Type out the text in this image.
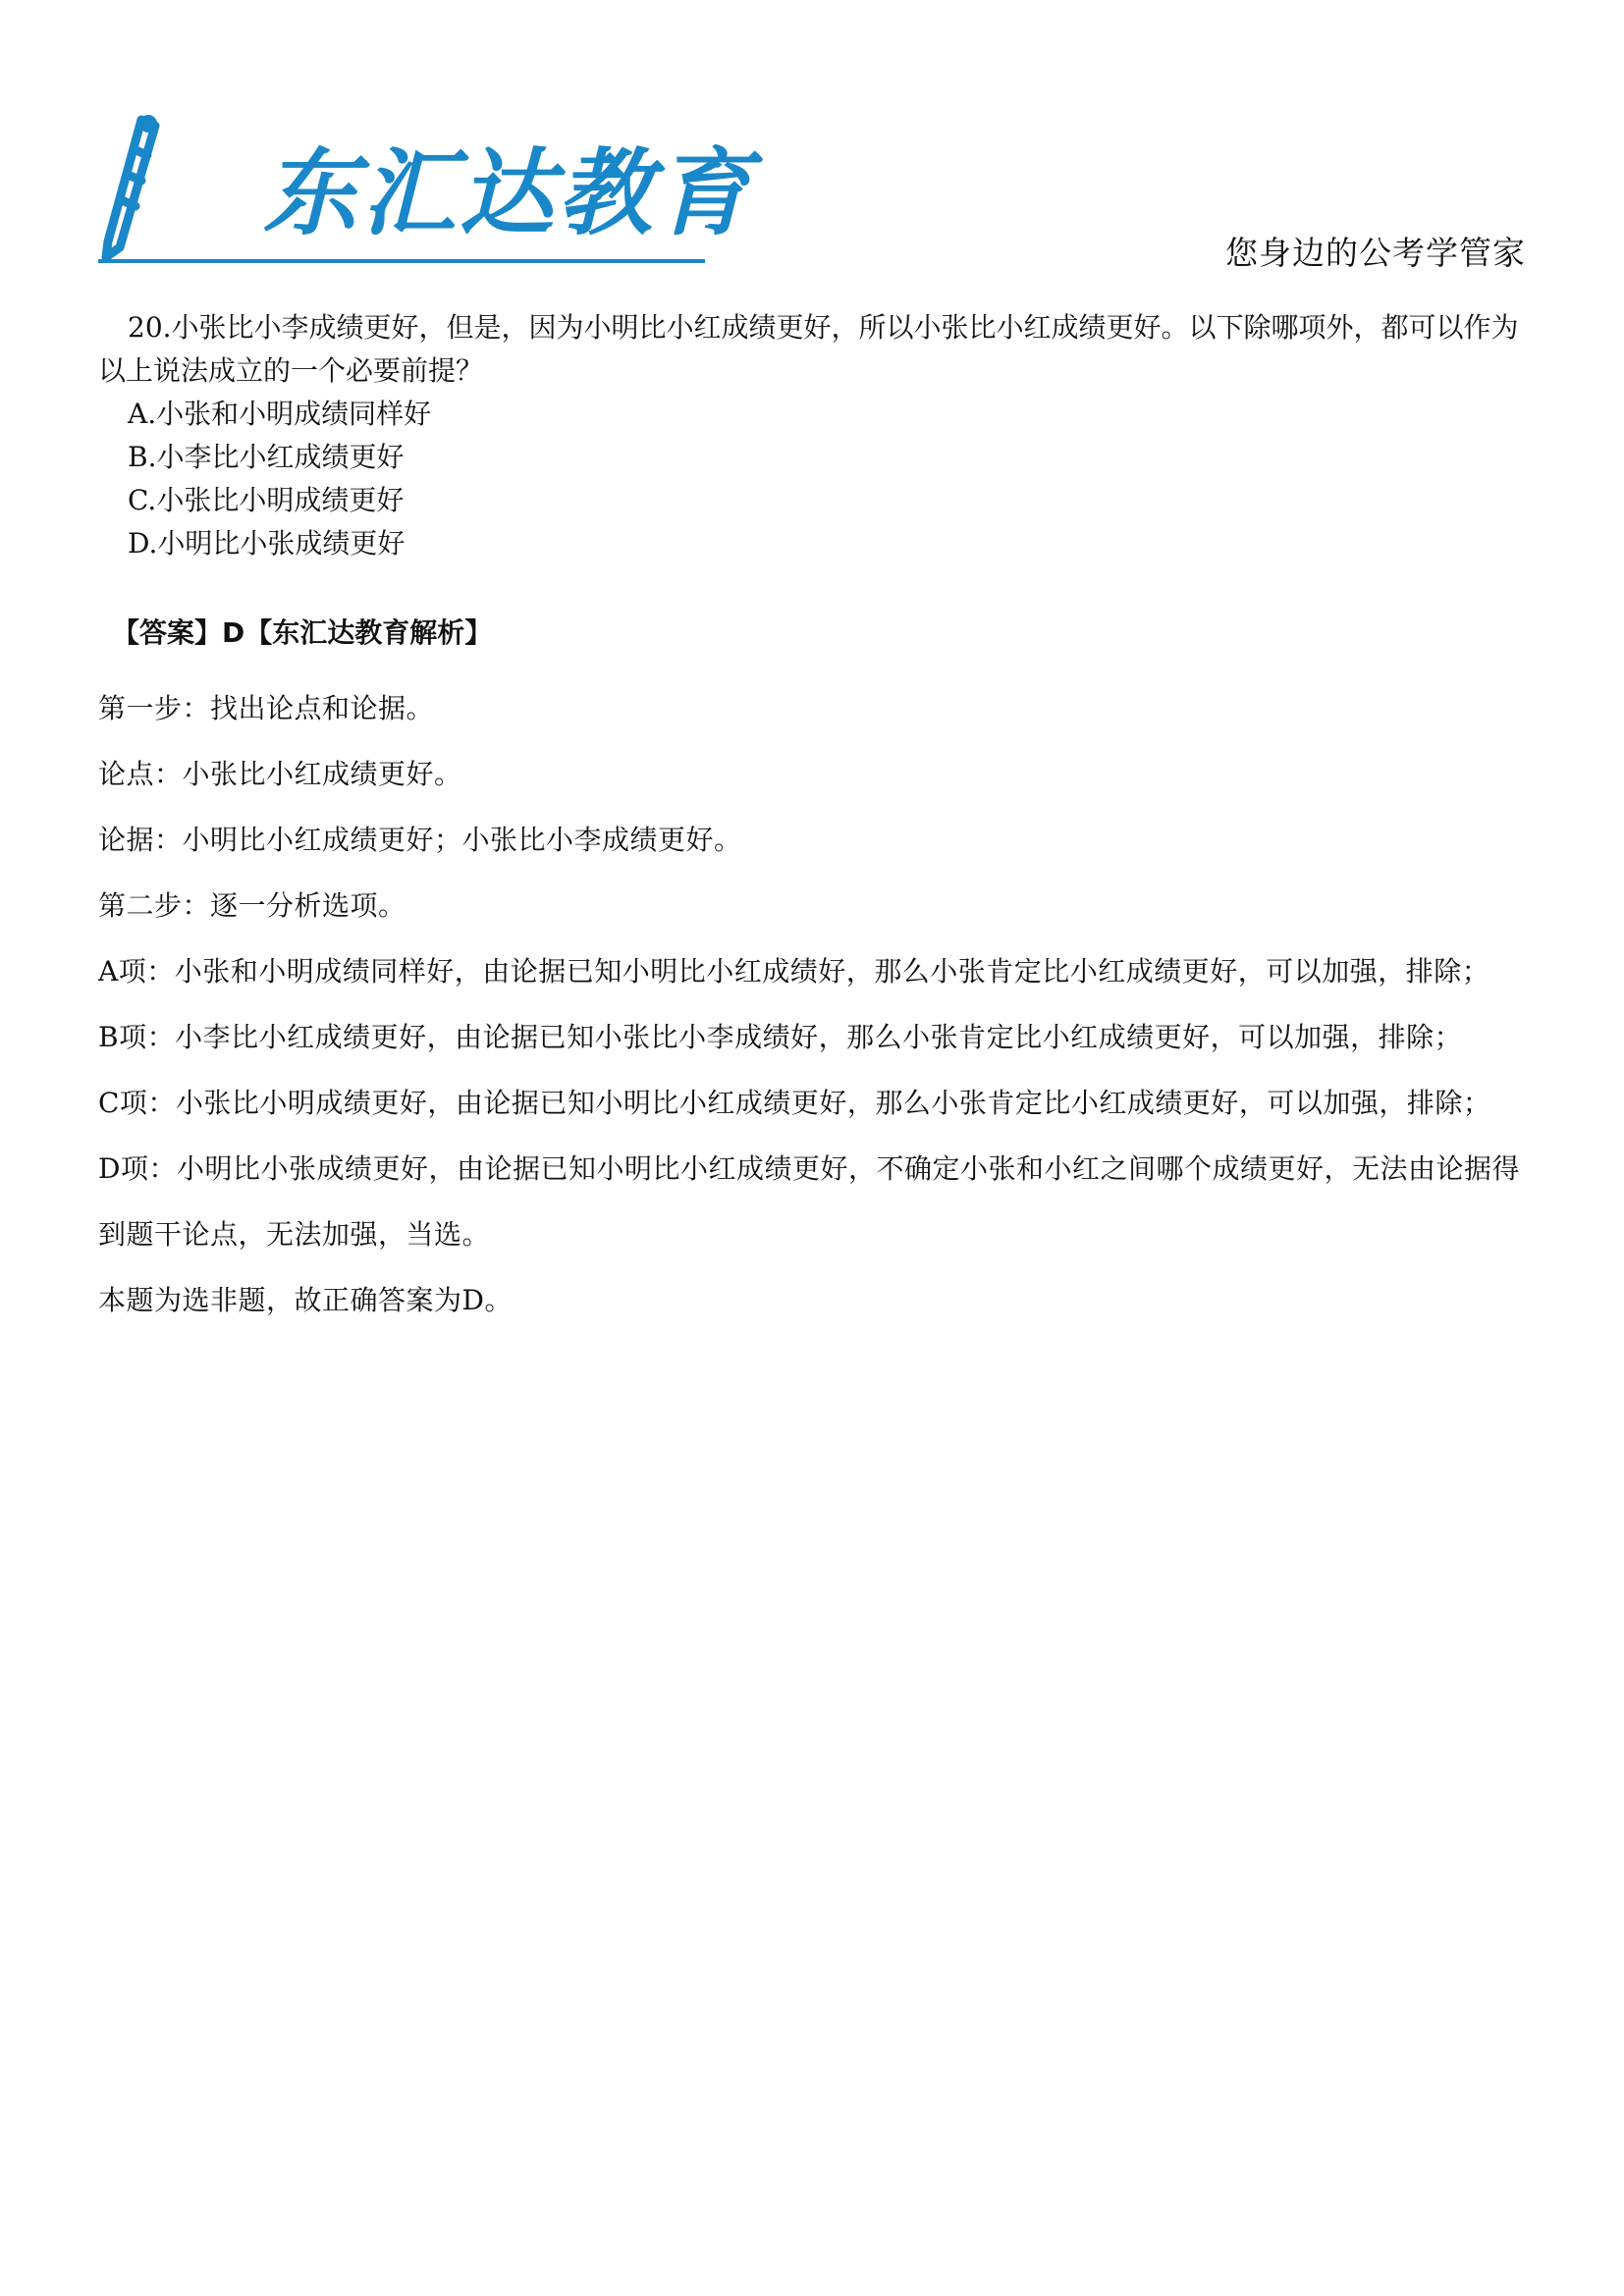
东汇达教育
您身边的公考学管家

20.小张比小李成绩更好，但是，因为小明比小红成绩更好，所以小张比小红成绩更好。以下除哪项外，都可以作为以上说法成立的一个必要前提？

A.小张和小明成绩同样好

B.小李比小红成绩更好

C.小张比小明成绩更好

D.小明比小张成绩更好

【答案】D【东汇达教育解析】

第一步：找出论点和论据。

论点：小张比小红成绩更好。

论据：小明比小红成绩更好；小张比小李成绩更好。

第二步：逐一分析选项。

A项：小张和小明成绩同样好，由论据已知小明比小红成绩好，那么小张肯定比小红成绩更好，可以加强，排除；

B项：小李比小红成绩更好，由论据已知小张比小李成绩好，那么小张肯定比小红成绩更好，可以加强，排除；

C项：小张比小明成绩更好，由论据已知小明比小红成绩更好，那么小张肯定比小红成绩更好，可以加强，排除；

D项：小明比小张成绩更好，由论据已知小明比小红成绩更好，不确定小张和小红之间哪个成绩更好，无法由论据得到题干论点，无法加强，当选。

本题为选非题，故正确答案为D。
